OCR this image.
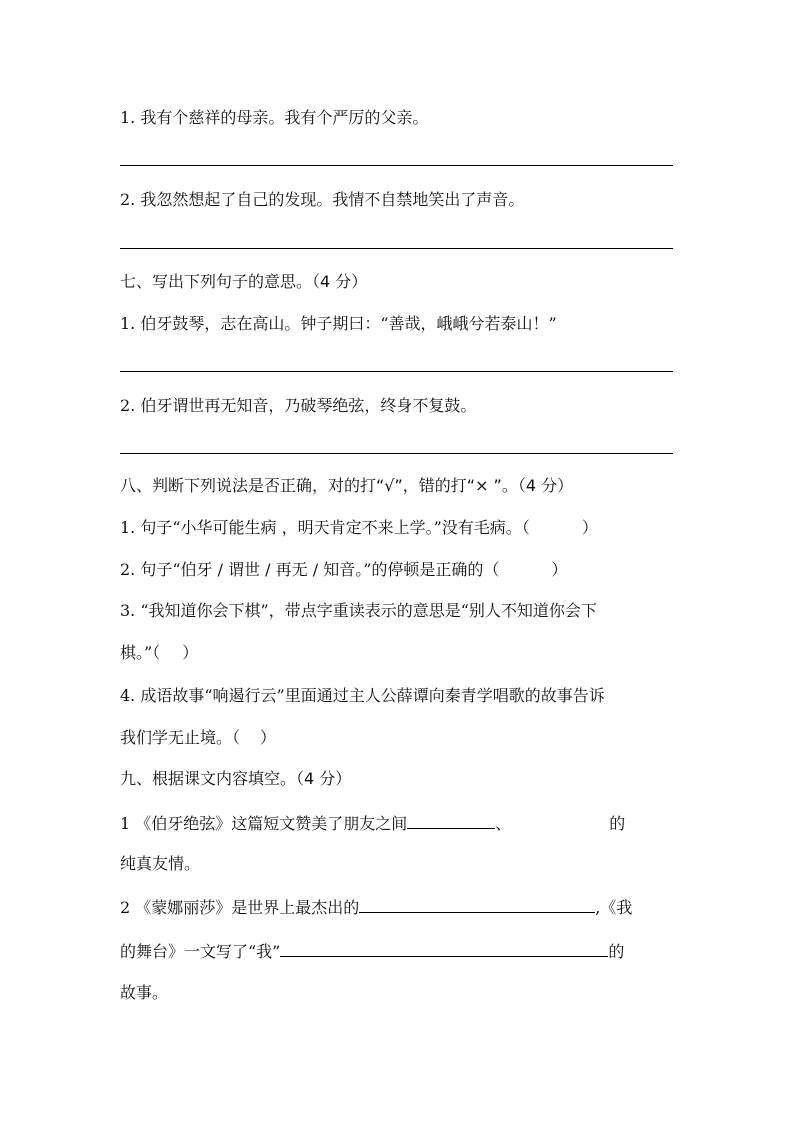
1. 我有个慈祥的母亲。我有个严厉的父亲。
2. 我忽然想起了自己的发现。我情不自禁地笑出了声音。
七、写出下列句子的意思。（4 分）
1. 伯牙鼓琴，志在高山。钟子期曰：“善哉，峨峨兮若泰山！”
2. 伯牙谓世再无知音，乃破琴绝弦，终身不复鼓。
八、判断下列说法是否正确，对的打“√”，错的打“× ”。（4 分）
1. 句子“小华可能生病 ，明天肯定不来上学。”没有毛病。（	）
2. 句子“伯牙 / 谓世 / 再无 / 知音。”的停顿是正确的（	）
3. “我知道你会下棋”，带点字重读表示的意思是“别人不知道你会下
棋。”（ ）
4. 成语故事“响遏行云”里面通过主人公薛谭向秦青学唱歌的故事告诉
我们学无止境。（ ）
九、根据课文内容填空。（4 分）
1 《伯牙绝弦》这篇短文赞美了朋友之间	、	的
纯真友情。
2 《蒙娜丽莎》是世界上最杰出的	,《我
的舞台》一文写了“我”	的
故事。
